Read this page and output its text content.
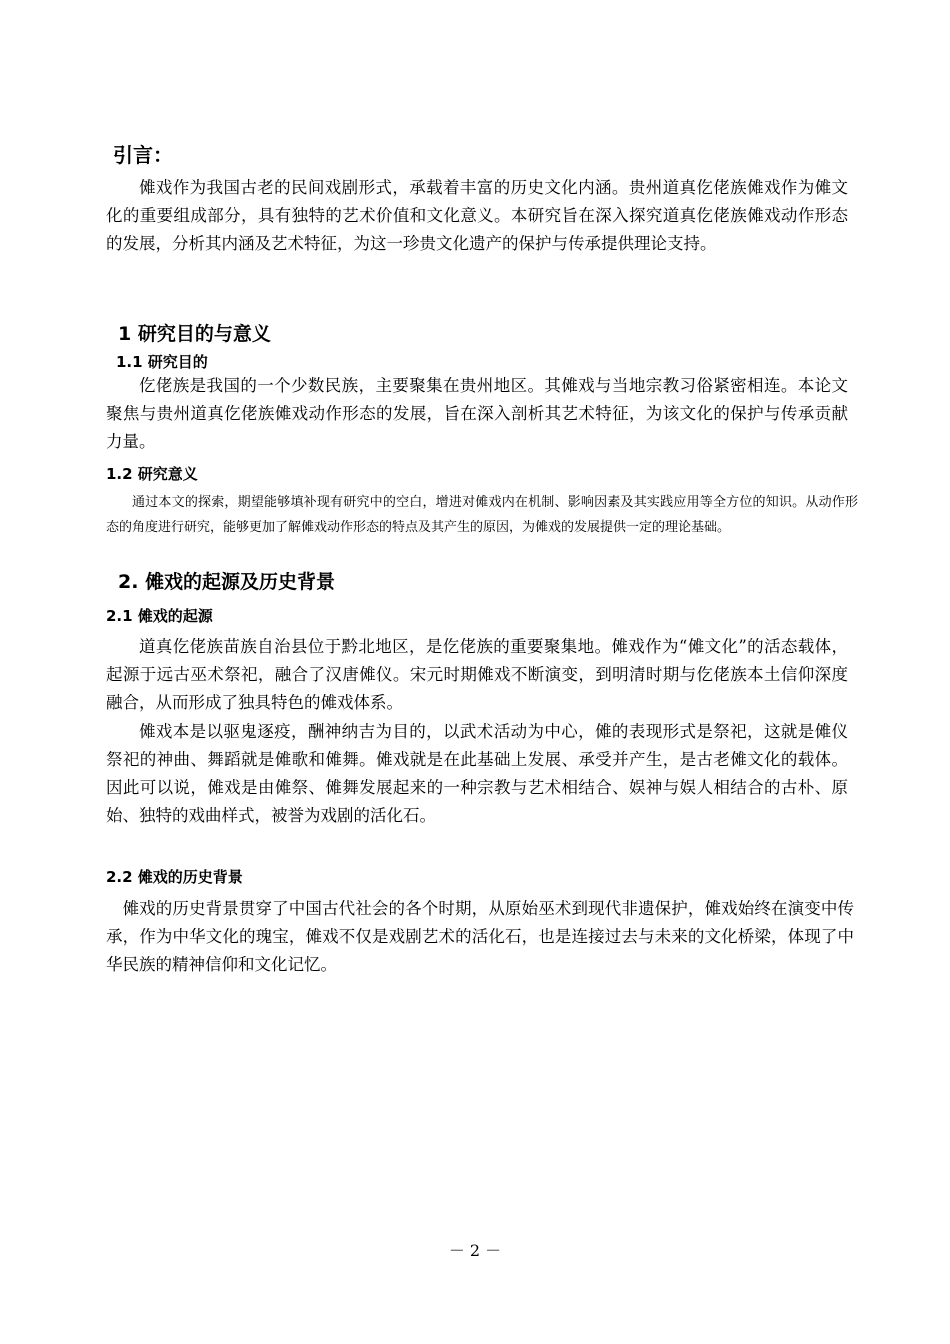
引言：

傩戏作为我国古老的民间戏剧形式，承载着丰富的历史文化内涵。贵州道真仡佬族傩戏作为傩文化的重要组成部分，具有独特的艺术价值和文化意义。本研究旨在深入探究道真仡佬族傩戏动作形态的发展，分析其内涵及艺术特征，为这一珍贵文化遗产的保护与传承提供理论支持。

1 研究目的与意义
1.1 研究目的

仡佬族是我国的一个少数民族，主要聚集在贵州地区。其傩戏与当地宗教习俗紧密相连。本论文聚焦与贵州道真仡佬族傩戏动作形态的发展，旨在深入剖析其艺术特征，为该文化的保护与传承贡献力量。

1.2 研究意义

通过本文的探索，期望能够填补现有研究中的空白，增进对傩戏内在机制、影响因素及其实践应用等全方位的知识。从动作形态的角度进行研究，能够更加了解傩戏动作形态的特点及其产生的原因，为傩戏的发展提供一定的理论基础。

2. 傩戏的起源及历史背景
2.1 傩戏的起源

道真仡佬族苗族自治县位于黔北地区，是仡佬族的重要聚集地。傩戏作为“傩文化”的活态载体，起源于远古巫术祭祀，融合了汉唐傩仪。宋元时期傩戏不断演变，到明清时期与仡佬族本土信仰深度融合，从而形成了独具特色的傩戏体系。

傩戏本是以驱鬼逐疫，酬神纳吉为目的，以武术活动为中心，傩的表现形式是祭祀，这就是傩仪祭祀的神曲、舞蹈就是傩歌和傩舞。傩戏就是在此基础上发展、承受并产生，是古老傩文化的载体。因此可以说，傩戏是由傩祭、傩舞发展起来的一种宗教与艺术相结合、娱神与娱人相结合的古朴、原始、独特的戏曲样式，被誉为戏剧的活化石。

2.2 傩戏的历史背景

傩戏的历史背景贯穿了中国古代社会的各个时期，从原始巫术到现代非遗保护，傩戏始终在演变中传承，作为中华文化的瑰宝，傩戏不仅是戏剧艺术的活化石，也是连接过去与未来的文化桥梁，体现了中华民族的精神信仰和文化记忆。

－ 2 －
